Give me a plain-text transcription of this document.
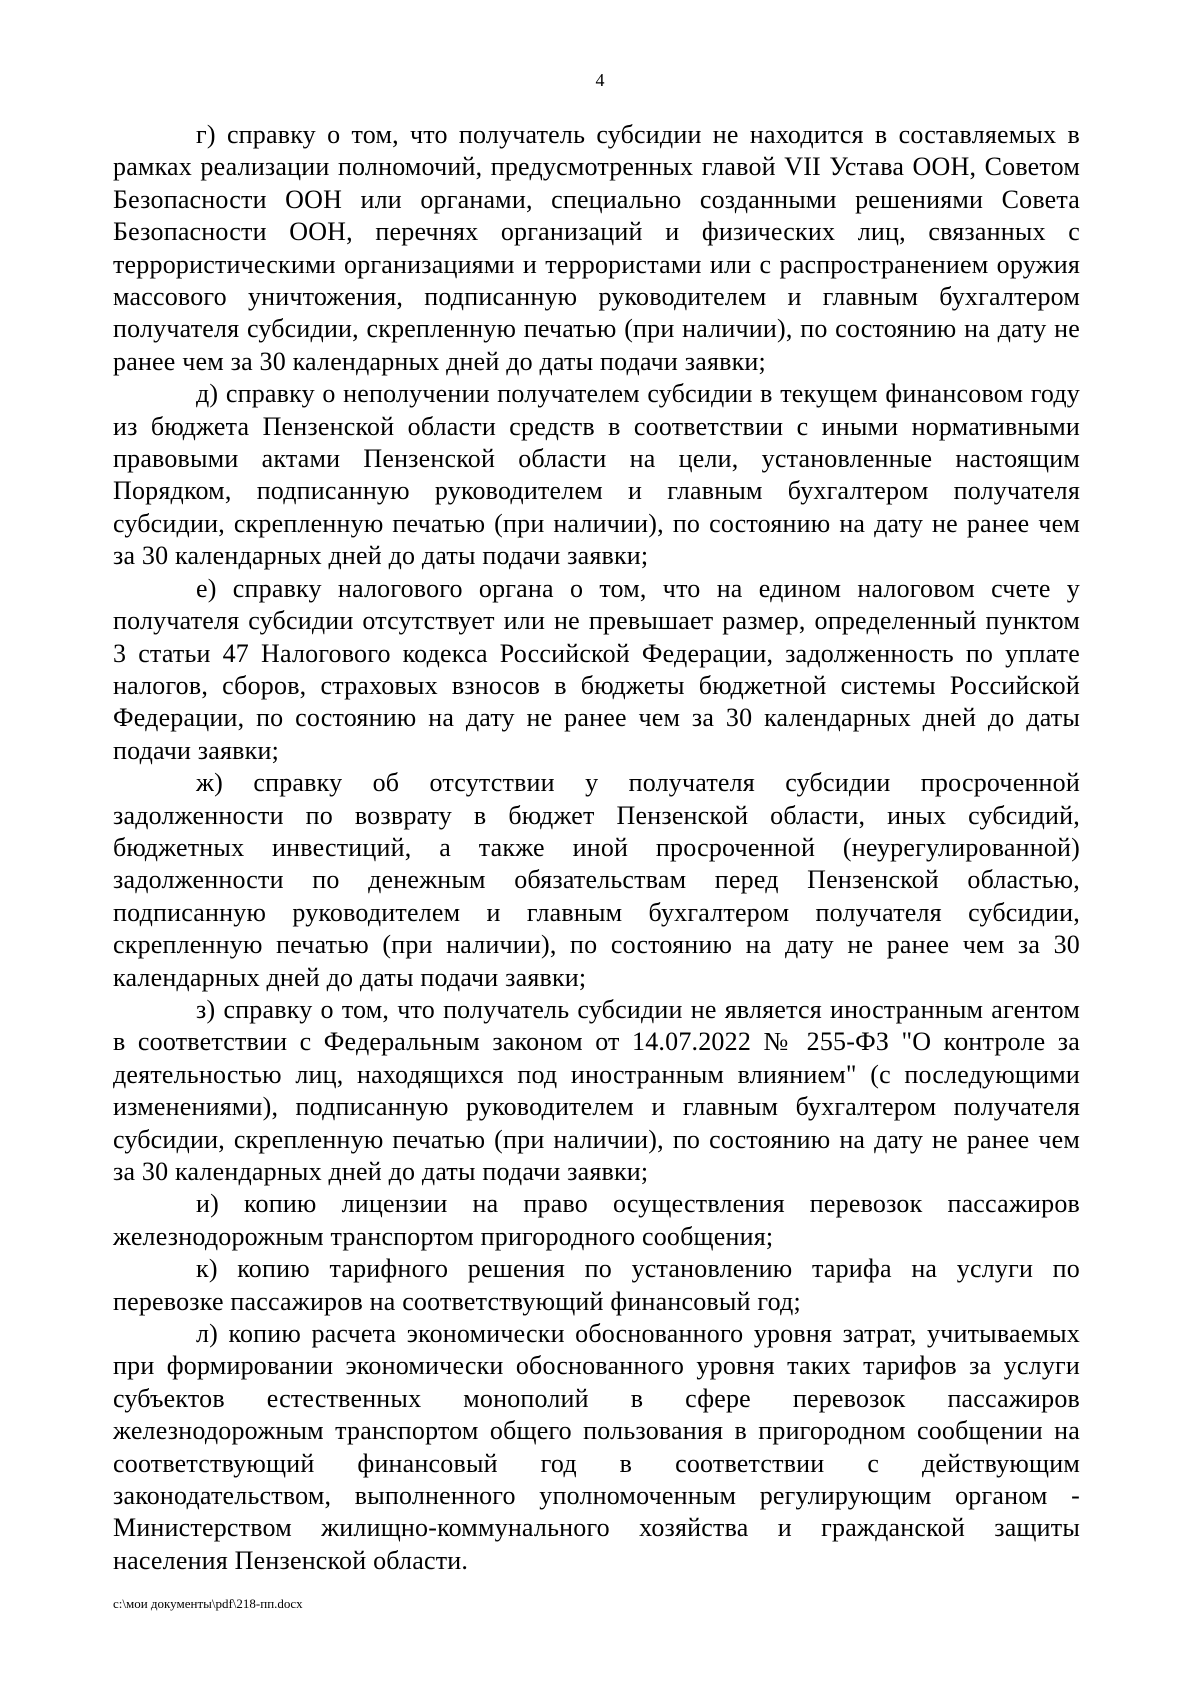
4

г) справку о том, что получатель субсидии не находится в составляемых в рамках реализации полномочий, предусмотренных главой VII Устава ООН, Советом Безопасности ООН или органами, специально созданными решениями Совета Безопасности ООН, перечнях организаций и физических лиц, связанных с террористическими организациями и террористами или с распространением оружия массового уничтожения, подписанную руководителем и главным бухгалтером получателя субсидии, скрепленную печатью (при наличии), по состоянию на дату не ранее чем за 30 календарных дней до даты подачи заявки;

д) справку о неполучении получателем субсидии в текущем финансовом году из бюджета Пензенской области средств в соответствии с иными нормативными правовыми актами Пензенской области на цели, установленные настоящим Порядком, подписанную руководителем и главным бухгалтером получателя субсидии, скрепленную печатью (при наличии), по состоянию на дату не ранее чем за 30 календарных дней до даты подачи заявки;

е) справку налогового органа о том, что на едином налоговом счете у получателя субсидии отсутствует или не превышает размер, определенный пунктом 3 статьи 47 Налогового кодекса Российской Федерации, задолженность по уплате налогов, сборов, страховых взносов в бюджеты бюджетной системы Российской Федерации, по состоянию на дату не ранее чем за 30 календарных дней до даты подачи заявки;

ж) справку об отсутствии у получателя субсидии просроченной задолженности по возврату в бюджет Пензенской области, иных субсидий, бюджетных инвестиций, а также иной просроченной (неурегулированной) задолженности по денежным обязательствам перед Пензенской областью, подписанную руководителем и главным бухгалтером получателя субсидии, скрепленную печатью (при наличии), по состоянию на дату не ранее чем за 30 календарных дней до даты подачи заявки;

з) справку о том, что получатель субсидии не является иностранным агентом в соответствии с Федеральным законом от 14.07.2022 № 255-ФЗ "О контроле за деятельностью лиц, находящихся под иностранным влиянием" (с последующими изменениями), подписанную руководителем и главным бухгалтером получателя субсидии, скрепленную печатью (при наличии), по состоянию на дату не ранее чем за 30 календарных дней до даты подачи заявки;

и) копию лицензии на право осуществления перевозок пассажиров железнодорожным транспортом пригородного сообщения;

к) копию тарифного решения по установлению тарифа на услуги по перевозке пассажиров на соответствующий финансовый год;

л) копию расчета экономически обоснованного уровня затрат, учитываемых при формировании экономически обоснованного уровня таких тарифов за услуги субъектов естественных монополий в сфере перевозок пассажиров железнодорожным транспортом общего пользования в пригородном сообщении на соответствующий финансовый год в соответствии с действующим законодательством, выполненного уполномоченным регулирующим органом - Министерством жилищно-коммунального хозяйства и гражданской защиты населения Пензенской области.

c:\мои документы\pdf\218-пп.docx
